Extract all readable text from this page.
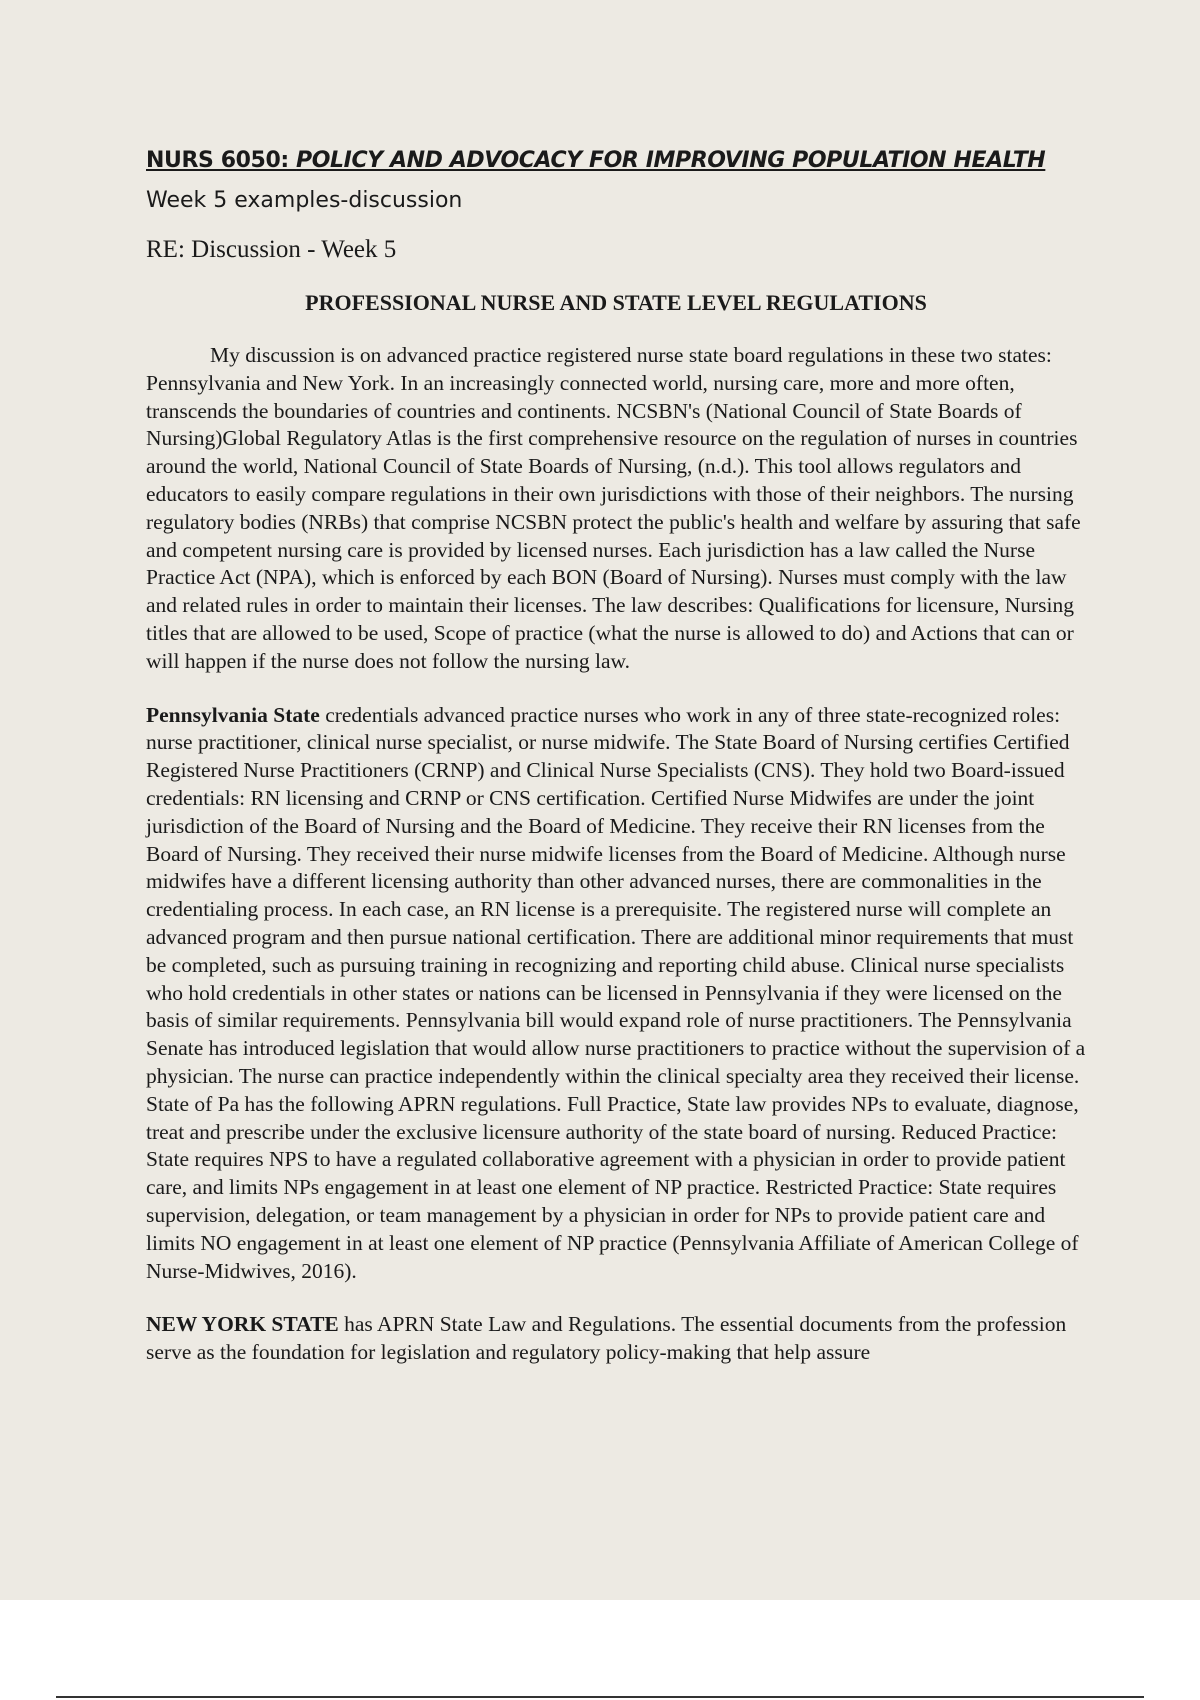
NURS 6050: POLICY AND ADVOCACY FOR IMPROVING POPULATION HEALTH
Week 5 examples-discussion
RE: Discussion - Week 5
PROFESSIONAL NURSE AND STATE LEVEL REGULATIONS

My discussion is on advanced practice registered nurse state board regulations in these two states: Pennsylvania and New York. In an increasingly connected world, nursing care, more and more often, transcends the boundaries of countries and continents. NCSBN's (National Council of State Boards of Nursing)Global Regulatory Atlas is the first comprehensive resource on the regulation of nurses in countries around the world, National Council of State Boards of Nursing, (n.d.). This tool allows regulators and educators to easily compare regulations in their own jurisdictions with those of their neighbors. The nursing regulatory bodies (NRBs) that comprise NCSBN protect the public's health and welfare by assuring that safe and competent nursing care is provided by licensed nurses. Each jurisdiction has a law called the Nurse Practice Act (NPA), which is enforced by each BON (Board of Nursing). Nurses must comply with the law and related rules in order to maintain their licenses. The law describes: Qualifications for licensure, Nursing titles that are allowed to be used, Scope of practice (what the nurse is allowed to do) and Actions that can or will happen if the nurse does not follow the nursing law.

Pennsylvania State credentials advanced practice nurses who work in any of three state-recognized roles: nurse practitioner, clinical nurse specialist, or nurse midwife. The State Board of Nursing certifies Certified Registered Nurse Practitioners (CRNP) and Clinical Nurse Specialists (CNS). They hold two Board-issued credentials: RN licensing and CRNP or CNS certification. Certified Nurse Midwifes are under the joint jurisdiction of the Board of Nursing and the Board of Medicine. They receive their RN licenses from the Board of Nursing. They received their nurse midwife licenses from the Board of Medicine. Although nurse midwifes have a different licensing authority than other advanced nurses, there are commonalities in the credentialing process. In each case, an RN license is a prerequisite. The registered nurse will complete an advanced program and then pursue national certification. There are additional minor requirements that must be completed, such as pursuing training in recognizing and reporting child abuse. Clinical nurse specialists who hold credentials in other states or nations can be licensed in Pennsylvania if they were licensed on the basis of similar requirements. Pennsylvania bill would expand role of nurse practitioners. The Pennsylvania Senate has introduced legislation that would allow nurse practitioners to practice without the supervision of a physician. The nurse can practice independently within the clinical specialty area they received their license. State of Pa has the following APRN regulations. Full Practice, State law provides NPs to evaluate, diagnose, treat and prescribe under the exclusive licensure authority of the state board of nursing. Reduced Practice: State requires NPS to have a regulated collaborative agreement with a physician in order to provide patient care, and limits NPs engagement in at least one element of NP practice. Restricted Practice: State requires supervision, delegation, or team management by a physician in order for NPs to provide patient care and limits NO engagement in at least one element of NP practice (Pennsylvania Affiliate of American College of Nurse-Midwives, 2016).

NEW YORK STATE has APRN State Law and Regulations. The essential documents from the profession serve as the foundation for legislation and regulatory policy-making that help assure
